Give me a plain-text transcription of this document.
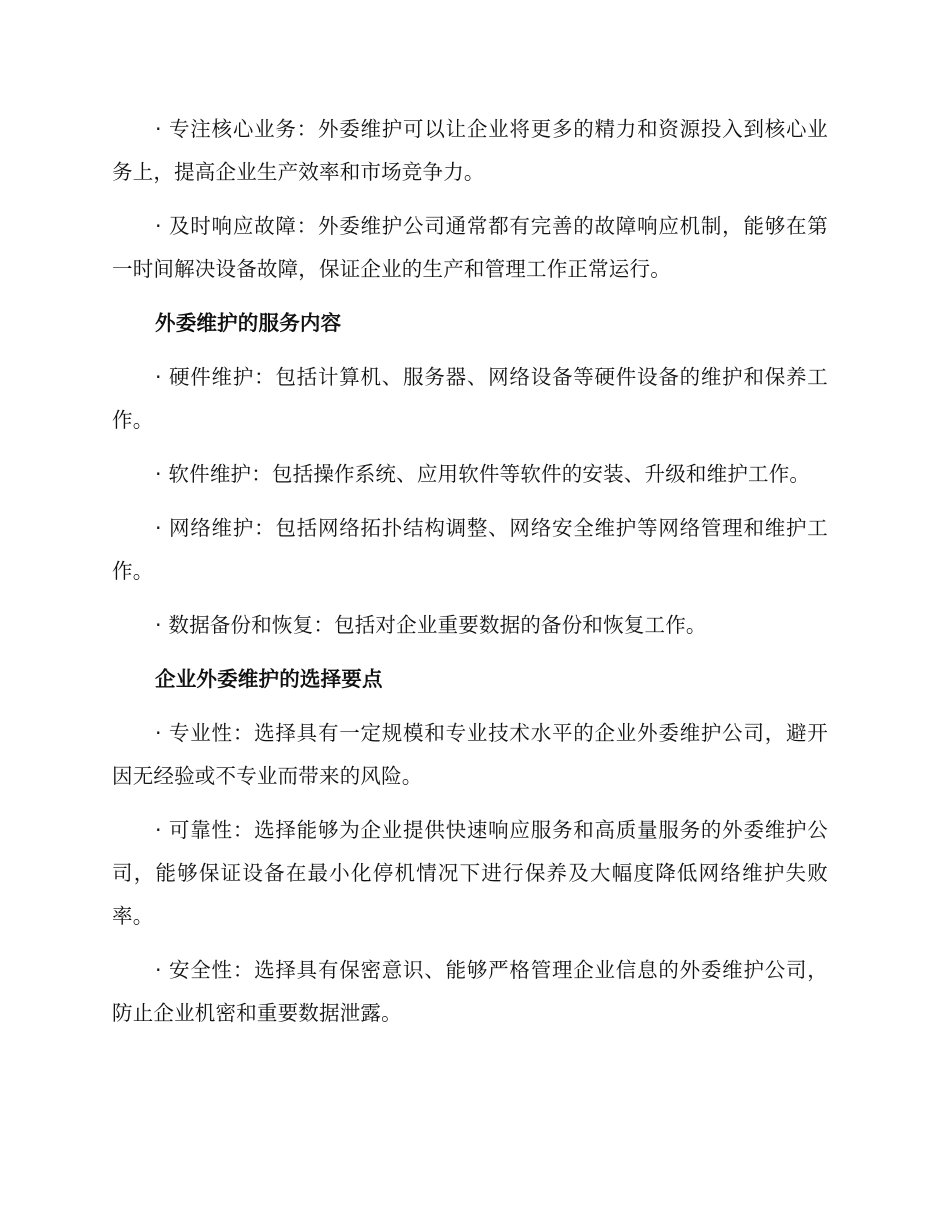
· 专注核心业务：外委维护可以让企业将更多的精力和资源投入到核心业务上，提高企业生产效率和市场竞争力。

· 及时响应故障：外委维护公司通常都有完善的故障响应机制，能够在第一时间解决设备故障，保证企业的生产和管理工作正常运行。

外委维护的服务内容

· 硬件维护：包括计算机、服务器、网络设备等硬件设备的维护和保养工作。

· 软件维护：包括操作系统、应用软件等软件的安装、升级和维护工作。

· 网络维护：包括网络拓扑结构调整、网络安全维护等网络管理和维护工作。

· 数据备份和恢复：包括对企业重要数据的备份和恢复工作。

企业外委维护的选择要点

· 专业性：选择具有一定规模和专业技术水平的企业外委维护公司，避开因无经验或不专业而带来的风险。

· 可靠性：选择能够为企业提供快速响应服务和高质量服务的外委维护公司，能够保证设备在最小化停机情况下进行保养及大幅度降低网络维护失败率。

· 安全性：选择具有保密意识、能够严格管理企业信息的外委维护公司，防止企业机密和重要数据泄露。
